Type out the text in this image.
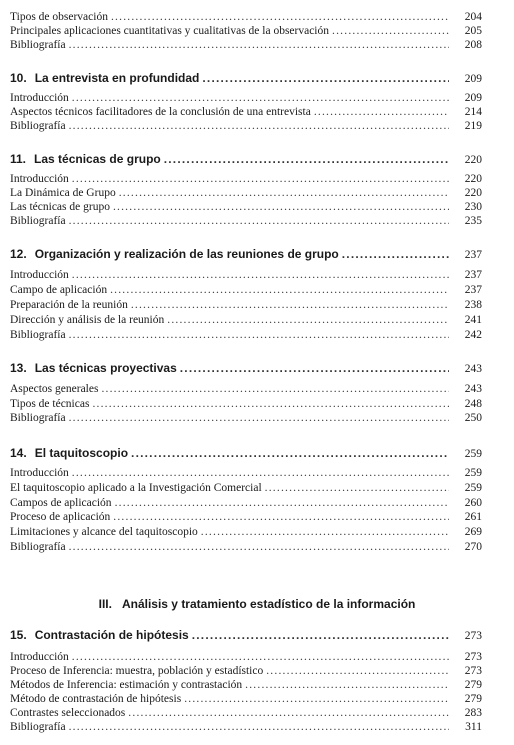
Tipos de observación .....	204
Principales aplicaciones cuantitativas y cualitativas de la observación .....	205
Bibliografía .....	208
10. La entrevista en profundidad .....	209
Introducción .....	209
Aspectos técnicos facilitadores de la conclusión de una entrevista .....	214
Bibliografía .....	219
11. Las técnicas de grupo .....	220
Introducción .....	220
La Dinámica de Grupo .....	220
Las técnicas de grupo .....	230
Bibliografía .....	235
12. Organización y realización de las reuniones de grupo .....	237
Introducción .....	237
Campo de aplicación .....	237
Preparación de la reunión .....	238
Dirección y análisis de la reunión .....	241
Bibliografía .....	242
13. Las técnicas proyectivas .....	243
Aspectos generales .....	243
Tipos de técnicas .....	248
Bibliografía .....	250
14. El taquitoscopio .....	259
Introducción .....	259
El taquitoscopio aplicado a la Investigación Comercial .....	259
Campos de aplicación .....	260
Proceso de aplicación .....	261
Limitaciones y alcance del taquitoscopio .....	269
Bibliografía .....	270
III. Análisis y tratamiento estadístico de la información
15. Contrastación de hipótesis .....	273
Introducción .....	273
Proceso de Inferencia: muestra, población y estadístico .....	273
Métodos de Inferencia: estimación y contrastación .....	279
Método de contrastación de hipótesis .....	279
Contrastes seleccionados .....	283
Bibliografía .....	311
